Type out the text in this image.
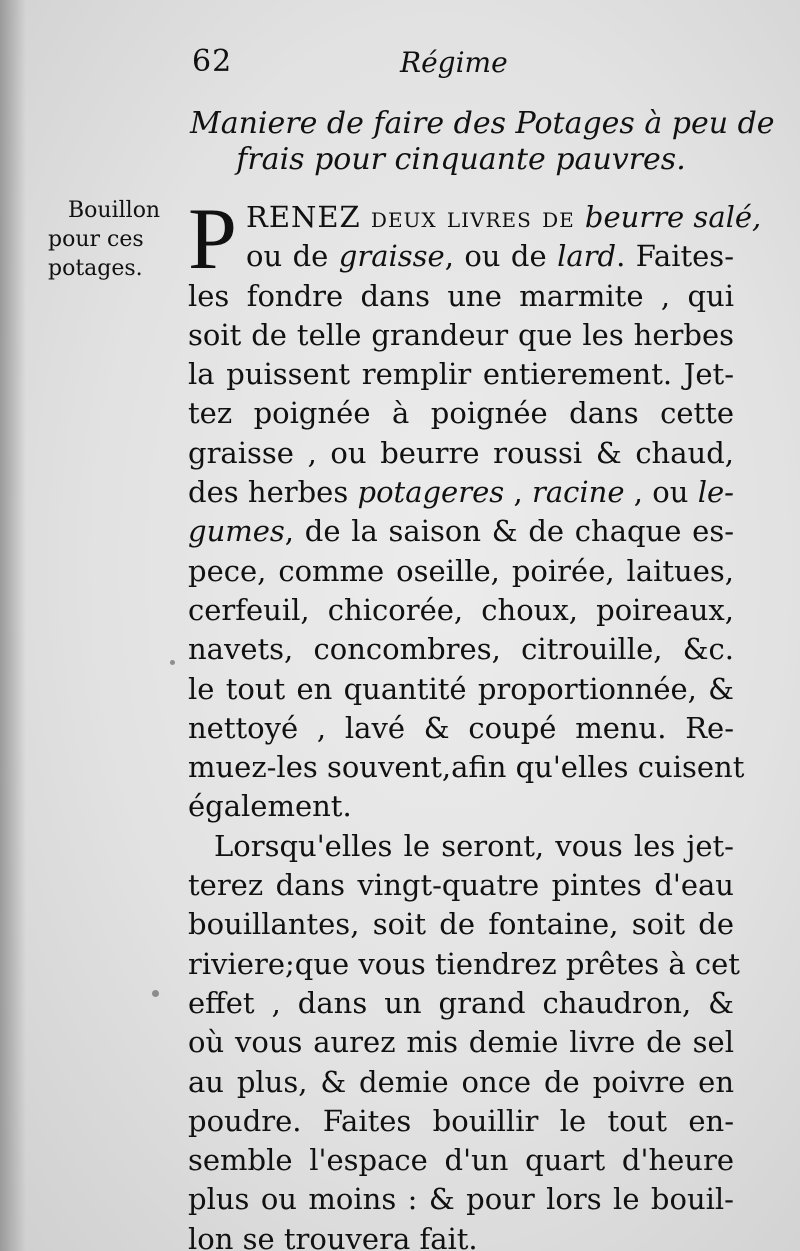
62	Régime
Maniere de faire des Potages à peu de
frais pour cinquante pauvres.
Bouillon
pour ces
potages. P RENEZ deux livres de beurre salé,
ou de graisse, ou de lard. Faites-
les fondre dans une marmite , qui
soit de telle grandeur que les herbes
la puissent remplir entierement. Jet-
tez poignée à poignée dans cette
graisse , ou beurre roussi & chaud,
des herbes potageres , racine , ou le-
gumes, de la saison & de chaque es-
pece, comme oseille, poirée, laitues,
cerfeuil, chicorée, choux, poireaux,
navets, concombres, citrouille, &c.
le tout en quantité proportionnée, &
nettoyé , lavé & coupé menu. Re-
muez-les souvent,afin qu'elles cuisent
également.
Lorsqu'elles le seront, vous les jet-
terez dans vingt-quatre pintes d'eau
bouillantes, soit de fontaine, soit de
riviere;que vous tiendrez prêtes à cet
effet , dans un grand chaudron, &
où vous aurez mis demie livre de sel
au plus, & demie once de poivre en
poudre. Faites bouillir le tout en-
semble l'espace d'un quart d'heure
plus ou moins : & pour lors le bouil-
lon se trouvera fait.
